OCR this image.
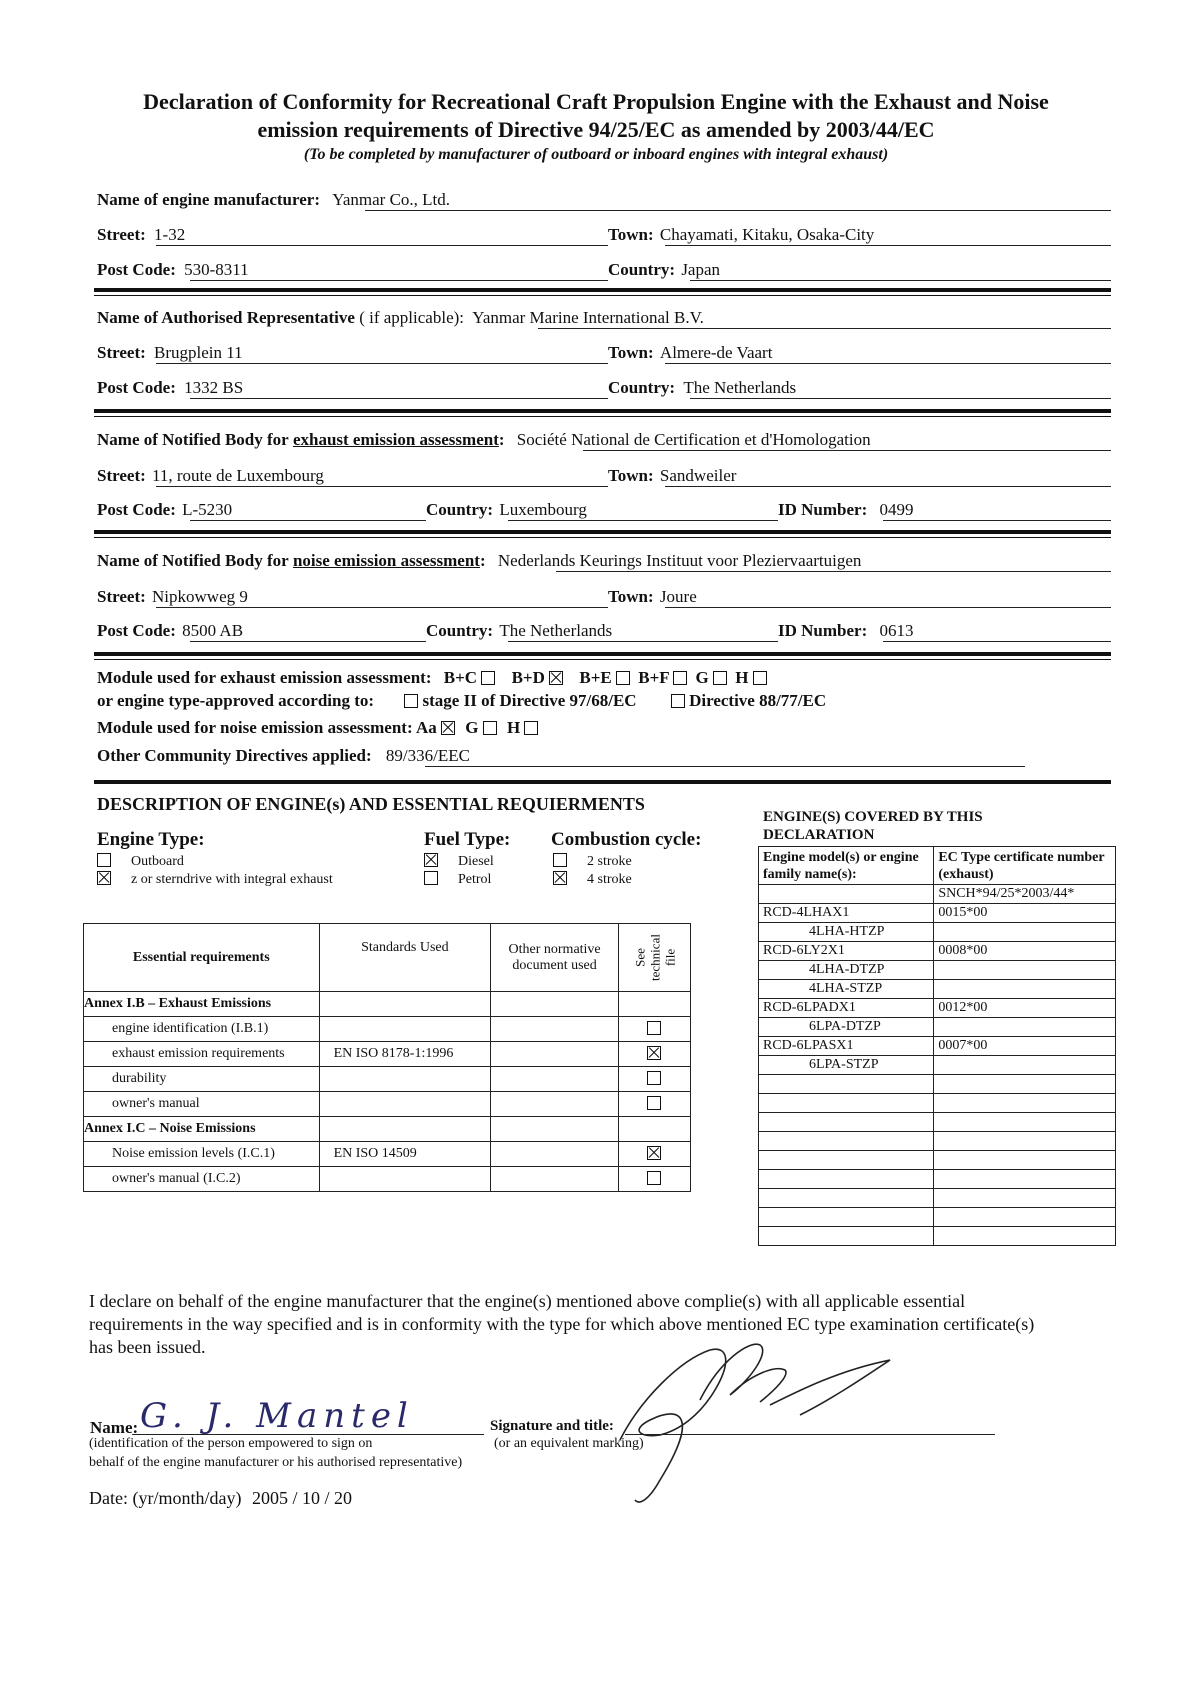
Declaration of Conformity for Recreational Craft Propulsion Engine with the Exhaust and Noise
emission requirements of Directive 94/25/EC as amended by 2003/44/EC
(To be completed by manufacturer of outboard or inboard engines with integral exhaust)
Name of engine manufacturer: Yanmar Co., Ltd.
Street: 1-32	Town: Chayamati, Kitaku, Osaka-City
Post Code: 530-8311	Country: Japan
Name of Authorised Representative ( if applicable): Yanmar Marine International B.V.
Street: Brugplein 11	Town: Almere-de Vaart
Post Code: 1332 BS	Country: The Netherlands
Name of Notified Body for exhaust emission assessment: Société National de Certification et d'Homologation
Street: 11, route de Luxembourg	Town: Sandweiler
Post Code: L-5230	Country: Luxembourg	ID Number: 0499
Name of Notified Body for noise emission assessment: Nederlands Keurings Instituut voor Pleziervaartuigen
Street: Nipkowweg 9	Town: Joure
Post Code: 8500 AB	Country: The Netherlands	ID Number: 0613
Module used for exhaust emission assessment: B+C B+D B+E B+F G H
or engine type-approved according to:	stage II of Directive 97/68/EC	Directive 88/77/EC
Module used for noise emission assessment: Aa G H
Other Community Directives applied: 89/336/EEC
DESCRIPTION OF ENGINE(s) AND ESSENTIAL REQUIERMENTS
Engine Type:
Outboard
z or sterndrive with integral exhaust
Fuel Type:
Diesel
Petrol
Combustion cycle:
2 stroke
4 stroke
Essential requirements	Standards Used	Other normative document used	See technical file

Annex I.B – Exhaust Emissions			
engine identification (I.B.1)			
exhaust emission requirements	EN ISO 8178-1:1996		
durability			
owner's manual			
Annex I.C – Noise Emissions			
Noise emission levels (I.C.1)	EN ISO 14509		
owner's manual (I.C.2)			
ENGINE(S) COVERED BY THIS DECLARATION
Engine model(s) or engine family name(s):	EC Type certificate number (exhaust)
	SNCH*94/25*2003/44*
RCD-4LHAX1	0015*00
4LHA-HTZP	
RCD-6LY2X1	0008*00
4LHA-DTZP	
4LHA-STZP	
RCD-6LPADX1	0012*00
6LPA-DTZP	
RCD-6LPASX1	0007*00
6LPA-STZP	

I declare on behalf of the engine manufacturer that the engine(s) mentioned above complie(s) with all applicable essential requirements in the way specified and is in conformity with the type for which above mentioned EC type examination certificate(s) has been issued.
Name: G. J. Mantel
(identification of the person empowered to sign on
behalf of the engine manufacturer or his authorised representative)
Signature and title:
(or an equivalent marking)
Date: (yr/month/day) 2005 / 10 / 20
